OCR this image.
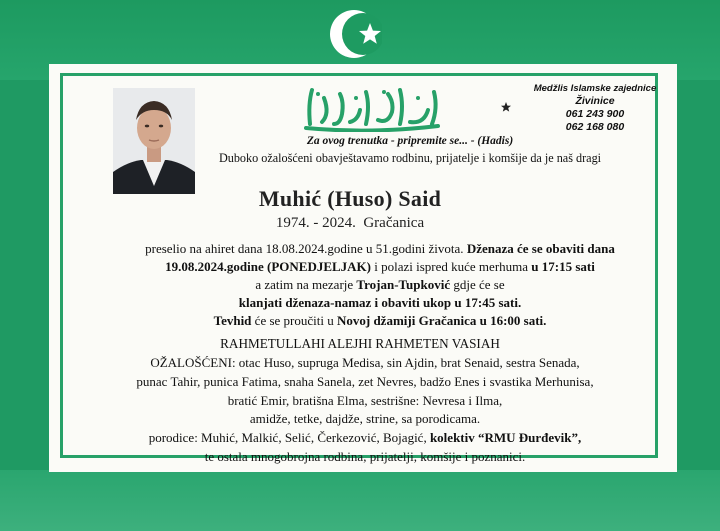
Medžlis Islamske zajednice
Živinice
061 243 900
062 168 080
Za ovog trenutka - pripremite se... - (Hadis)
Duboko ožalošćeni obavještavamo rodbinu, prijatelje i komšije da je naš dragi
Muhić (Huso) Said
1974. - 2024. Gračanica
preselio na ahiret dana 18.08.2024.godine u 51.godini života. Dženaza će se obaviti dana
19.08.2024.godine (PONEDJELJAK) i polazi ispred kuće merhuma u 17:15 sati
a zatim na mezarje Trojan-Tupković gdje će se
klanjati dženaza-namaz i obaviti ukop u 17:45 sati.
Tevhid će se proučiti u Novoj džamiji Gračanica u 16:00 sati.
RAHMETULLAHI ALEJHI RAHMETEN VASIAH
OŽALOŠĆENI: otac Huso, supruga Medisa, sin Ajdin, brat Senaid, sestra Senada,
punac Tahir, punica Fatima, snaha Sanela, zet Nevres, badžo Enes i svastika Merhunisa,
bratić Emir, bratišna Elma, sestrišne: Nevresa i Ilma,
amidže, tetke, dajdže, strine, sa porodicama.
porodice: Muhić, Malkić, Selić, Čerkezović, Bojagić, kolektiv “RMU Đurđevik”,
te ostala mnogobrojna rodbina, prijatelji, komšije i poznanici.
